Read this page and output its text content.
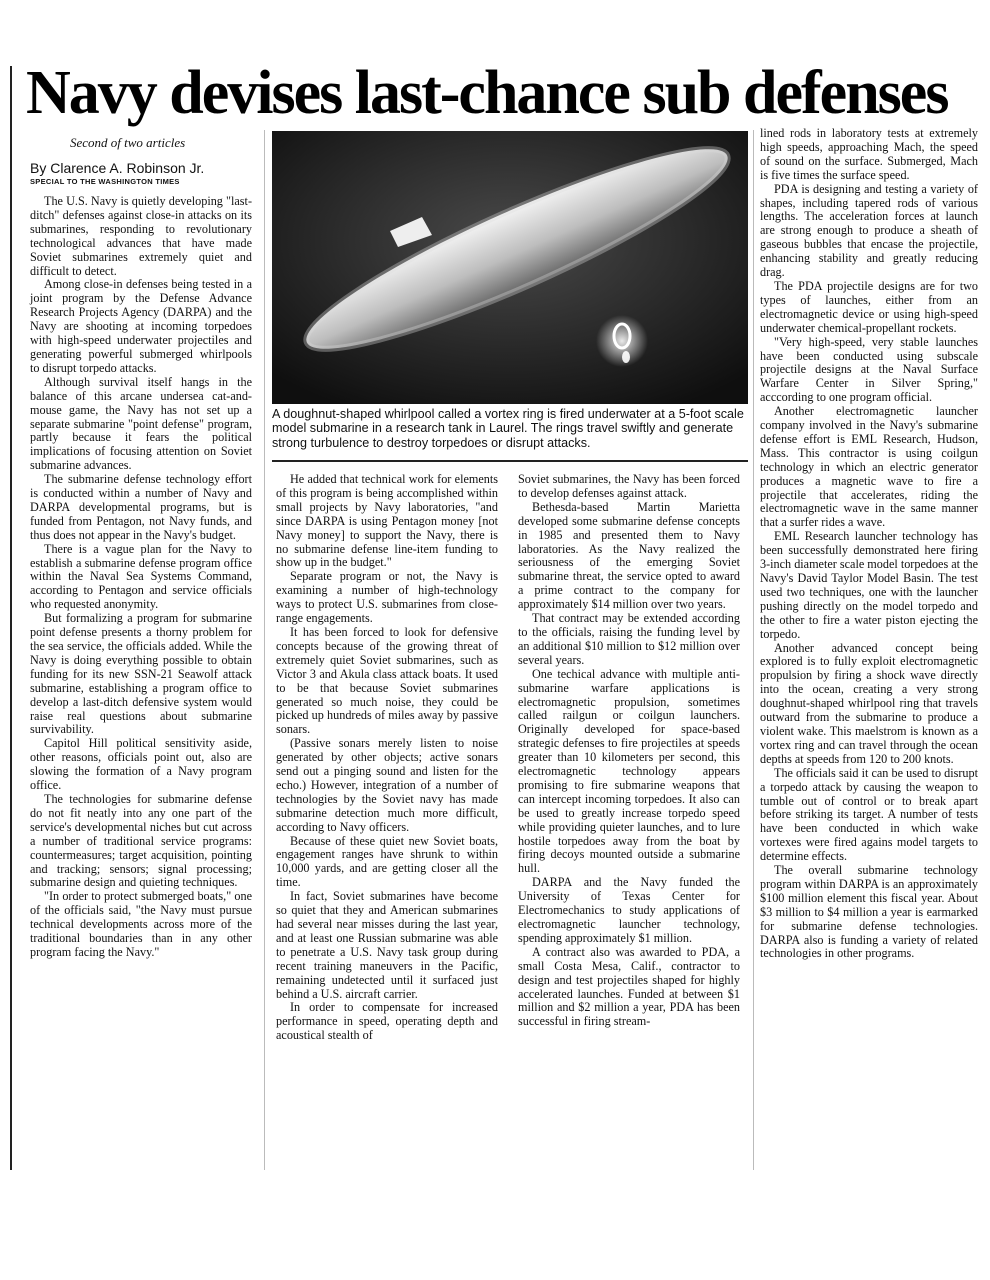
Navy devises last-chance sub defenses
Second of two articles
By Clarence A. Robinson Jr.
SPECIAL TO THE WASHINGTON TIMES
A doughnut-shaped whirlpool called a vortex ring is fired underwater at a 5-foot scale model submarine in a research tank in Laurel. The rings travel swiftly and generate strong turbulence to destroy torpedoes or disrupt attacks.

The U.S. Navy is quietly developing "last-ditch" defenses against close-in attacks on its submarines, responding to revolutionary technological advances that have made Soviet submarines extremely quiet and difficult to detect.

Among close-in defenses being tested in a joint program by the Defense Advance Research Projects Agency (DARPA) and the Navy are shooting at incoming torpedoes with high-speed underwater projectiles and generating powerful submerged whirlpools to disrupt torpedo attacks.

Although survival itself hangs in the balance of this arcane undersea cat-and-mouse game, the Navy has not set up a separate submarine "point defense" program, partly because it fears the political implications of focusing attention on Soviet submarine advances.

The submarine defense technology effort is conducted within a number of Navy and DARPA developmental programs, but is funded from Pentagon, not Navy funds, and thus does not appear in the Navy's budget.

There is a vague plan for the Navy to establish a submarine defense program office within the Naval Sea Systems Command, according to Pentagon and service officials who requested anonymity.

But formalizing a program for submarine point defense presents a thorny problem for the sea service, the officials added. While the Navy is doing everything possible to obtain funding for its new SSN-21 Seawolf attack submarine, establishing a program office to develop a last-ditch defensive system would raise real questions about submarine survivability.

Capitol Hill political sensitivity aside, other reasons, officials point out, also are slowing the formation of a Navy program office.

The technologies for submarine defense do not fit neatly into any one part of the service's developmental niches but cut across a number of traditional service programs: countermeasures; target acquisition, pointing and tracking; sensors; signal processing; submarine design and quieting techniques.

"In order to protect submerged boats," one of the officials said, "the Navy must pursue technical developments across more of the traditional boundaries than in any other program facing the Navy."

He added that technical work for elements of this program is being accomplished within small projects by Navy laboratories, "and since DARPA is using Pentagon money [not Navy money] to support the Navy, there is no submarine defense line-item funding to show up in the budget."

Separate program or not, the Navy is examining a number of high-technology ways to protect U.S. submarines from close-range engagements.

It has been forced to look for defensive concepts because of the growing threat of extremely quiet Soviet submarines, such as Victor 3 and Akula class attack boats. It used to be that because Soviet submarines generated so much noise, they could be picked up hundreds of miles away by passive sonars.

(Passive sonars merely listen to noise generated by other objects; active sonars send out a pinging sound and listen for the echo.) However, integration of a number of technologies by the Soviet navy has made submarine detection much more difficult, according to Navy officers.

Because of these quiet new Soviet boats, engagement ranges have shrunk to within 10,000 yards, and are getting closer all the time.

In fact, Soviet submarines have become so quiet that they and American submarines had several near misses during the last year, and at least one Russian submarine was able to penetrate a U.S. Navy task group during recent training maneuvers in the Pacific, remaining undetected until it surfaced just behind a U.S. aircraft carrier.

In order to compensate for increased performance in speed, operating depth and acoustical stealth of

Soviet submarines, the Navy has been forced to develop defenses against attack.

Bethesda-based Martin Marietta developed some submarine defense concepts in 1985 and presented them to Navy laboratories. As the Navy realized the seriousness of the emerging Soviet submarine threat, the service opted to award a prime contract to the company for approximately $14 million over two years.

That contract may be extended according to the officials, raising the funding level by an additional $10 million to $12 million over several years.

One techical advance with multiple anti-submarine warfare applications is electromagnetic propulsion, sometimes called railgun or coilgun launchers. Originally developed for space-based strategic defenses to fire projectiles at speeds greater than 10 kilometers per second, this electromagnetic technology appears promising to fire submarine weapons that can intercept incoming torpedoes. It also can be used to greatly increase torpedo speed while providing quieter launches, and to lure hostile torpedoes away from the boat by firing decoys mounted outside a submarine hull.

DARPA and the Navy funded the University of Texas Center for Electromechanics to study applications of electromagnetic launcher technology, spending approximately $1 million.

A contract also was awarded to PDA, a small Costa Mesa, Calif., contractor to design and test projectiles shaped for highly accelerated launches. Funded at between $1 million and $2 million a year, PDA has been successful in firing stream-

lined rods in laboratory tests at extremely high speeds, approaching Mach, the speed of sound on the surface. Submerged, Mach is five times the surface speed.

PDA is designing and testing a variety of shapes, including tapered rods of various lengths. The acceleration forces at launch are strong enough to produce a sheath of gaseous bubbles that encase the projectile, enhancing stability and greatly reducing drag.

The PDA projectile designs are for two types of launches, either from an electromagnetic device or using high-speed underwater chemical-propellant rockets.

"Very high-speed, very stable launches have been conducted using subscale projectile designs at the Naval Surface Warfare Center in Silver Spring," acccording to one program official.

Another electromagnetic launcher company involved in the Navy's submarine defense effort is EML Research, Hudson, Mass. This contractor is using coilgun technology in which an electric generator produces a magnetic wave to fire a projectile that accelerates, riding the electromagnetic wave in the same manner that a surfer rides a wave.

EML Research launcher technology has been successfully demonstrated here firing 3-inch diameter scale model torpedoes at the Navy's David Taylor Model Basin. The test used two techniques, one with the launcher pushing directly on the model torpedo and the other to fire a water piston ejecting the torpedo.

Another advanced concept being explored is to fully exploit electromagnetic propulsion by firing a shock wave directly into the ocean, creating a very strong doughnut-shaped whirlpool ring that travels outward from the submarine to produce a violent wake. This maelstrom is known as a vortex ring and can travel through the ocean depths at speeds from 120 to 200 knots.

The officials said it can be used to disrupt a torpedo attack by causing the weapon to tumble out of control or to break apart before striking its target. A number of tests have been conducted in which wake vortexes were fired agains model targets to determine effects.

The overall submarine technology program within DARPA is an approximately $100 million element this fiscal year. About $3 million to $4 million a year is earmarked for submarine defense technologies. DARPA also is funding a variety of related technologies in other programs.
